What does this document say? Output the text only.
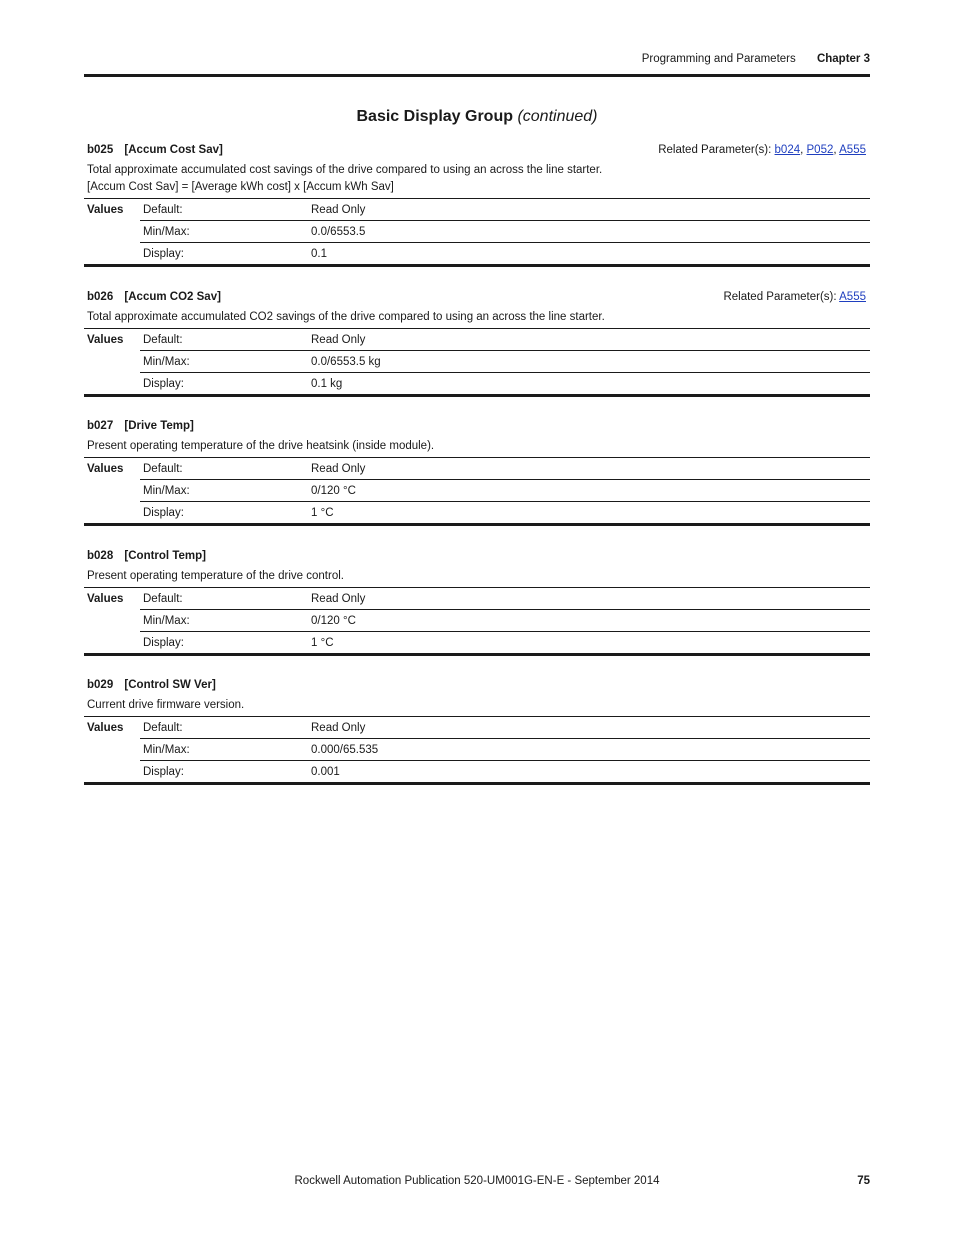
Programming and Parameters Chapter 3
Basic Display Group (continued)
b025 [Accum Cost Sav]	Related Parameter(s): b024, P052, A555
Total approximate accumulated cost savings of the drive compared to using an across the line starter.
[Accum Cost Sav] = [Average kWh cost] x [Accum kWh Sav]
Values	Default:	Read Only
	Min/Max:	0.0/6553.5
	Display:	0.1
b026 [Accum CO2 Sav]	Related Parameter(s): A555
Total approximate accumulated CO2 savings of the drive compared to using an across the line starter.
Values	Default:	Read Only
	Min/Max:	0.0/6553.5 kg
	Display:	0.1 kg
b027 [Drive Temp]
Present operating temperature of the drive heatsink (inside module).
Values	Default:	Read Only
	Min/Max:	0/120 °C
	Display:	1 °C
b028 [Control Temp]
Present operating temperature of the drive control.
Values	Default:	Read Only
	Min/Max:	0/120 °C
	Display:	1 °C
b029 [Control SW Ver]
Current drive firmware version.
Values	Default:	Read Only
	Min/Max:	0.000/65.535
	Display:	0.001
Rockwell Automation Publication 520-UM001G-EN-E - September 2014	75
